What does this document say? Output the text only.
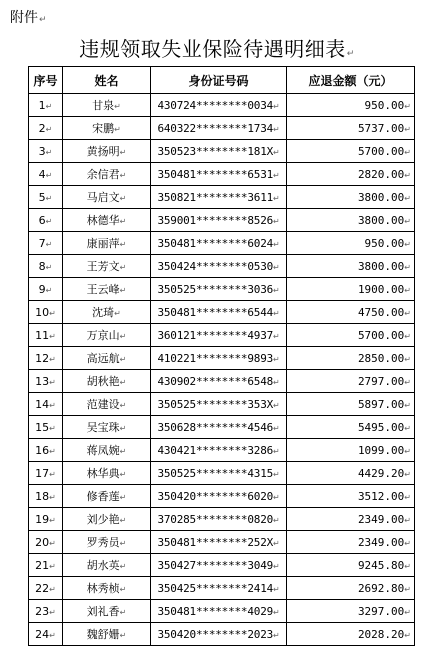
附件↵
违规领取失业保险待遇明细表↵
序号	姓名	身份证号码	应退金额（元）
1↵	甘泉↵	430724********0034↵	950.00↵
2↵	宋鹏↵	640322********1734↵	5737.00↵
3↵	黄扬明↵	350523********181X↵	5700.00↵
4↵	余信君↵	350481********6531↵	2820.00↵
5↵	马启文↵	350821********3611↵	3800.00↵
6↵	林德华↵	359001********8526↵	3800.00↵
7↵	康丽萍↵	350481********6024↵	950.00↵
8↵	王芳文↵	350424********0530↵	3800.00↵
9↵	王云峰↵	350525********3036↵	1900.00↵
10↵	沈琦↵	350481********6544↵	4750.00↵
11↵	万京山↵	360121********4937↵	5700.00↵
12↵	高远航↵	410221********9893↵	2850.00↵
13↵	胡秋艳↵	430902********6548↵	2797.00↵
14↵	范建设↵	350525********353X↵	5897.00↵
15↵	吴宝珠↵	350628********4546↵	5495.00↵
16↵	蒋凤婉↵	430421********3286↵	1099.00↵
17↵	林华典↵	350525********4315↵	4429.20↵
18↵	修香莲↵	350420********6020↵	3512.00↵
19↵	刘少艳↵	370285********0820↵	2349.00↵
20↵	罗秀员↵	350481********252X↵	2349.00↵
21↵	胡水英↵	350427********3049↵	9245.80↵
22↵	林秀桢↵	350425********2414↵	2692.80↵
23↵	刘礼香↵	350481********4029↵	3297.00↵
24↵	魏舒姗↵	350420********2023↵	2028.20↵
